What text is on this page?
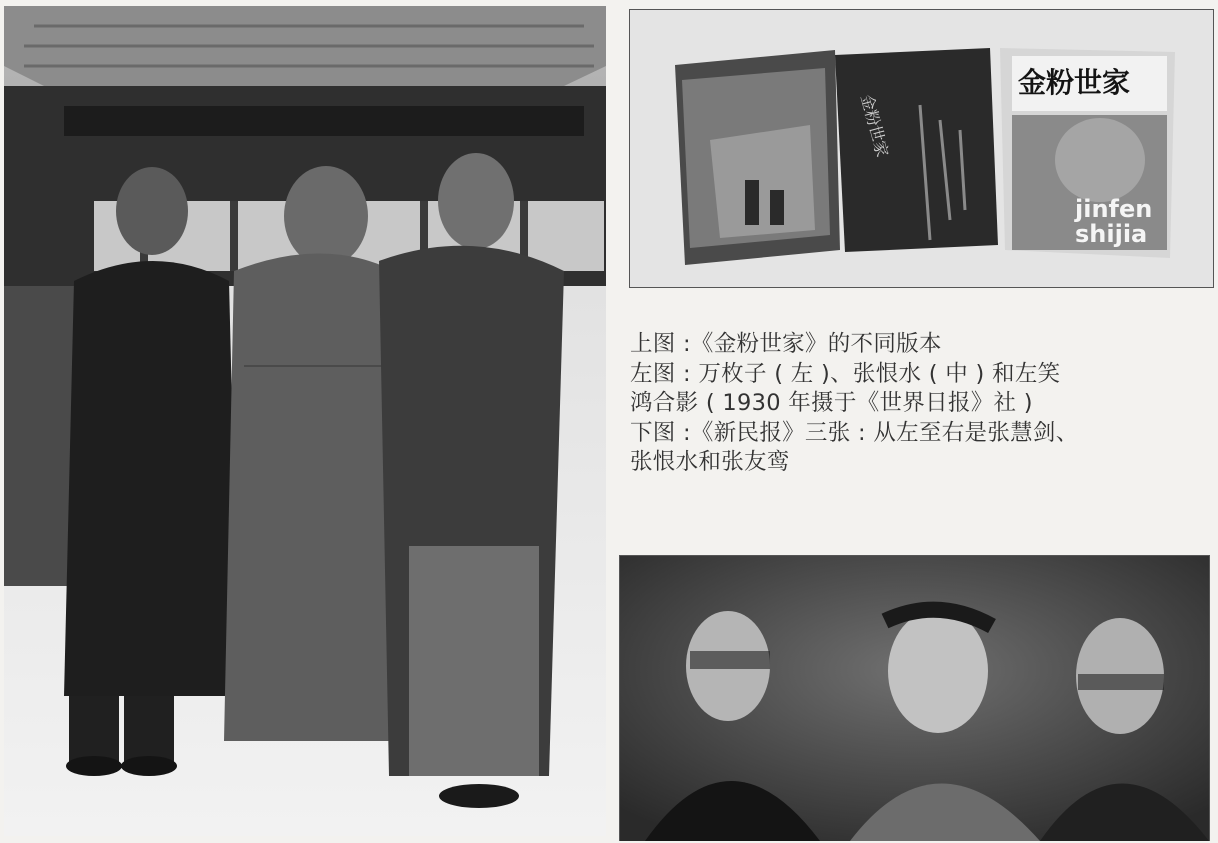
金粉世家
金粉世家
jinfen
shijia
上图 :《金粉世家》的不同版本
左图 : 万枚子 ( 左 )、张恨水 ( 中 ) 和左笑
鸿合影 ( 1930 年摄于《世界日报》社 )
下图 :《新民报》三张 : 从左至右是张慧剑、
张恨水和张友鸾
